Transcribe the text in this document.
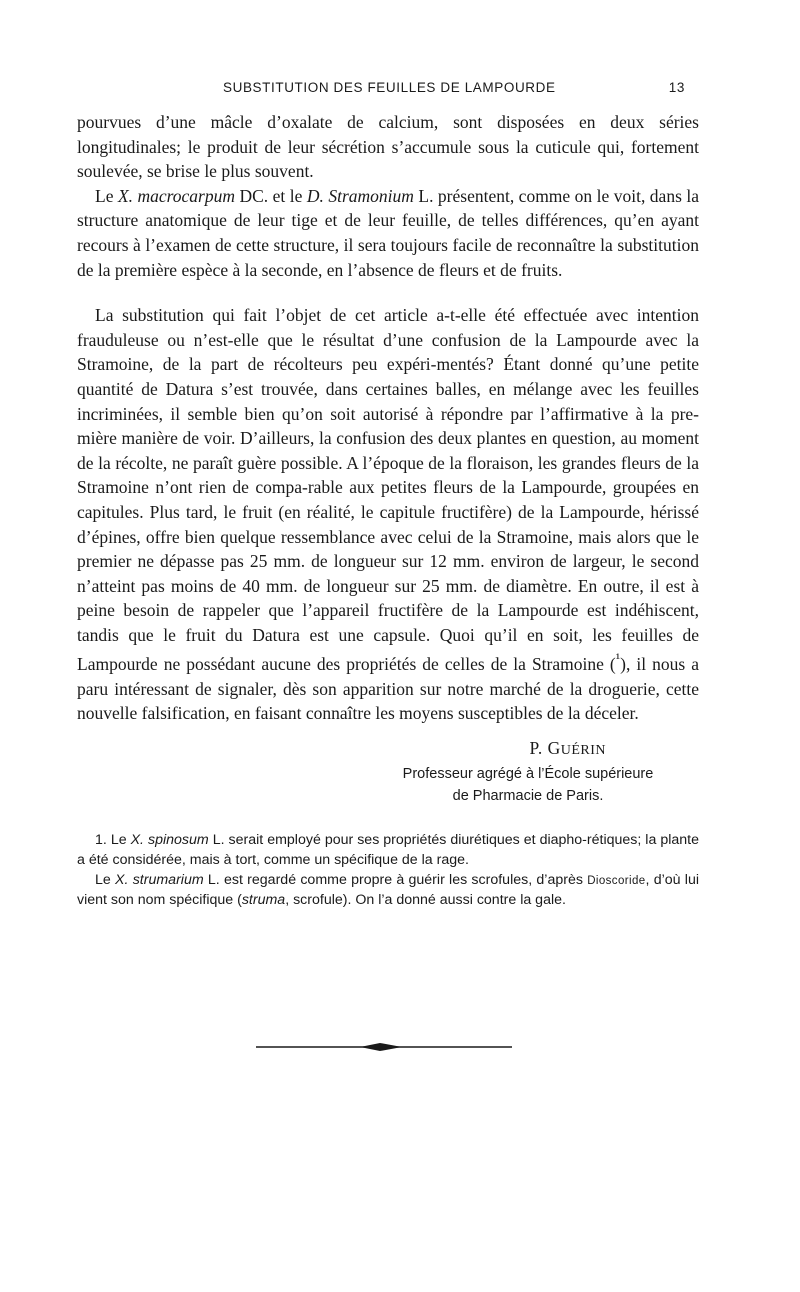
SUBSTITUTION DES FEUILLES DE LAMPOURDE	13

pourvues d’une mâcle d’oxalate de calcium, sont disposées en deux séries longitudinales; le produit de leur sécrétion s’accumule sous la cuticule qui, fortement soulevée, se brise le plus souvent.

Le X. macrocarpum DC. et le D. Stramonium L. présentent, comme on le voit, dans la structure anatomique de leur tige et de leur feuille, de telles différences, qu’en ayant recours à l’examen de cette structure, il sera toujours facile de reconnaître la substitution de la première espèce à la seconde, en l’absence de fleurs et de fruits.

La substitution qui fait l’objet de cet article a-t-elle été effectuée avec intention frauduleuse ou n’est-elle que le résultat d’une confusion de la Lampourde avec la Stramoine, de la part de récolteurs peu expéri-mentés? Étant donné qu’une petite quantité de Datura s’est trouvée, dans certaines balles, en mélange avec les feuilles incriminées, il semble bien qu’on soit autorisé à répondre par l’affirmative à la pre-mière manière de voir. D’ailleurs, la confusion des deux plantes en question, au moment de la récolte, ne paraît guère possible. A l’époque de la floraison, les grandes fleurs de la Stramoine n’ont rien de compa-rable aux petites fleurs de la Lampourde, groupées en capitules. Plus tard, le fruit (en réalité, le capitule fructifère) de la Lampourde, hérissé d’épines, offre bien quelque ressemblance avec celui de la Stramoine, mais alors que le premier ne dépasse pas 25 mm. de longueur sur 12 mm. environ de largeur, le second n’atteint pas moins de 40 mm. de longueur sur 25 mm. de diamètre. En outre, il est à peine besoin de rappeler que l’appareil fructifère de la Lampourde est indéhiscent, tandis que le fruit du Datura est une capsule. Quoi qu’il en soit, les feuilles de Lampourde ne possédant aucune des propriétés de celles de la Stramoine ($^{^1}$), il nous a paru intéressant de signaler, dès son apparition sur notre marché de la droguerie, cette nouvelle falsification, en faisant connaître les moyens susceptibles de la déceler.

P. GUÉRIN
Professeur agrégé à l’École supérieure
de Pharmacie de Paris.

1. Le X. spinosum L. serait employé pour ses propriétés diurétiques et diapho-rétiques; la plante a été considérée, mais à tort, comme un spécifique de la rage.

Le X. strumarium L. est regardé comme propre à guérir les scrofules, d’après Dioscoride, d’où lui vient son nom spécifique (struma, scrofule). On l’a donné aussi contre la gale.
